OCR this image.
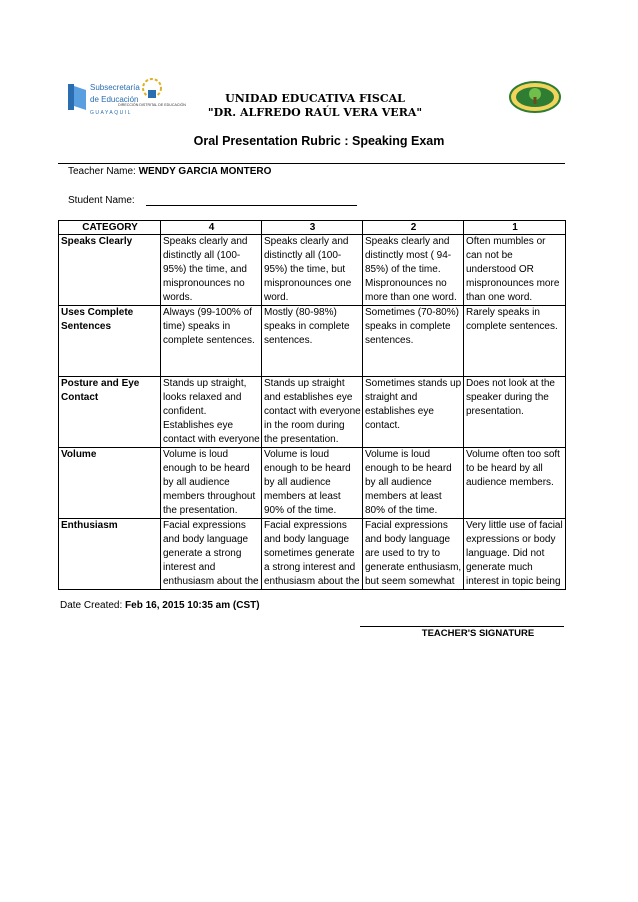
Subsecretaría
de Educación
GUAYAQUIL
DIRECCIÓN DISTRITAL DE EDUCACIÓN	UNIDAD EDUCATIVA FISCAL
"DR. ALFREDO RAÚL VERA VERA"
Oral Presentation Rubric : Speaking Exam
Teacher Name: WENDY GARCIA MONTERO
Student Name:
CATEGORY	4	3	2	1

Speaks Clearly	Speaks clearly and distinctly all (100-95%) the time, and mispronounces no words.	Speaks clearly and distinctly all (100-95%) the time, but mispronounces one word.	Speaks clearly and distinctly most ( 94-85%) of the time. Mispronounces no more than one word.	Often mumbles or can not be understood OR mispronounces more than one word.

Uses Complete Sentences	Always (99-100% of time) speaks in complete sentences.	Mostly (80-98%) speaks in complete sentences.	Sometimes (70-80%) speaks in complete sentences.	Rarely speaks in complete sentences.

Posture and Eye Contact	Stands up straight, looks relaxed and confident. Establishes eye contact with everyone	Stands up straight and establishes eye contact with everyone in the room during the presentation.	Sometimes stands up straight and establishes eye contact.	Does not look at the speaker during the presentation.

Volume	Volume is loud enough to be heard by all audience members throughout the presentation.	Volume is loud enough to be heard by all audience members at least 90% of the time.	Volume is loud enough to be heard by all audience members at least 80% of the time.	Volume often too soft to be heard by all audience members.

Enthusiasm	Facial expressions and body language generate a strong interest and enthusiasm about the	Facial expressions and body language sometimes generate a strong interest and enthusiasm about the	Facial expressions and body language are used to try to generate enthusiasm, but seem somewhat	Very little use of facial expressions or body language. Did not generate much interest in topic being
Date Created: Feb 16, 2015 10:35 am (CST)
TEACHER'S SIGNATURE
